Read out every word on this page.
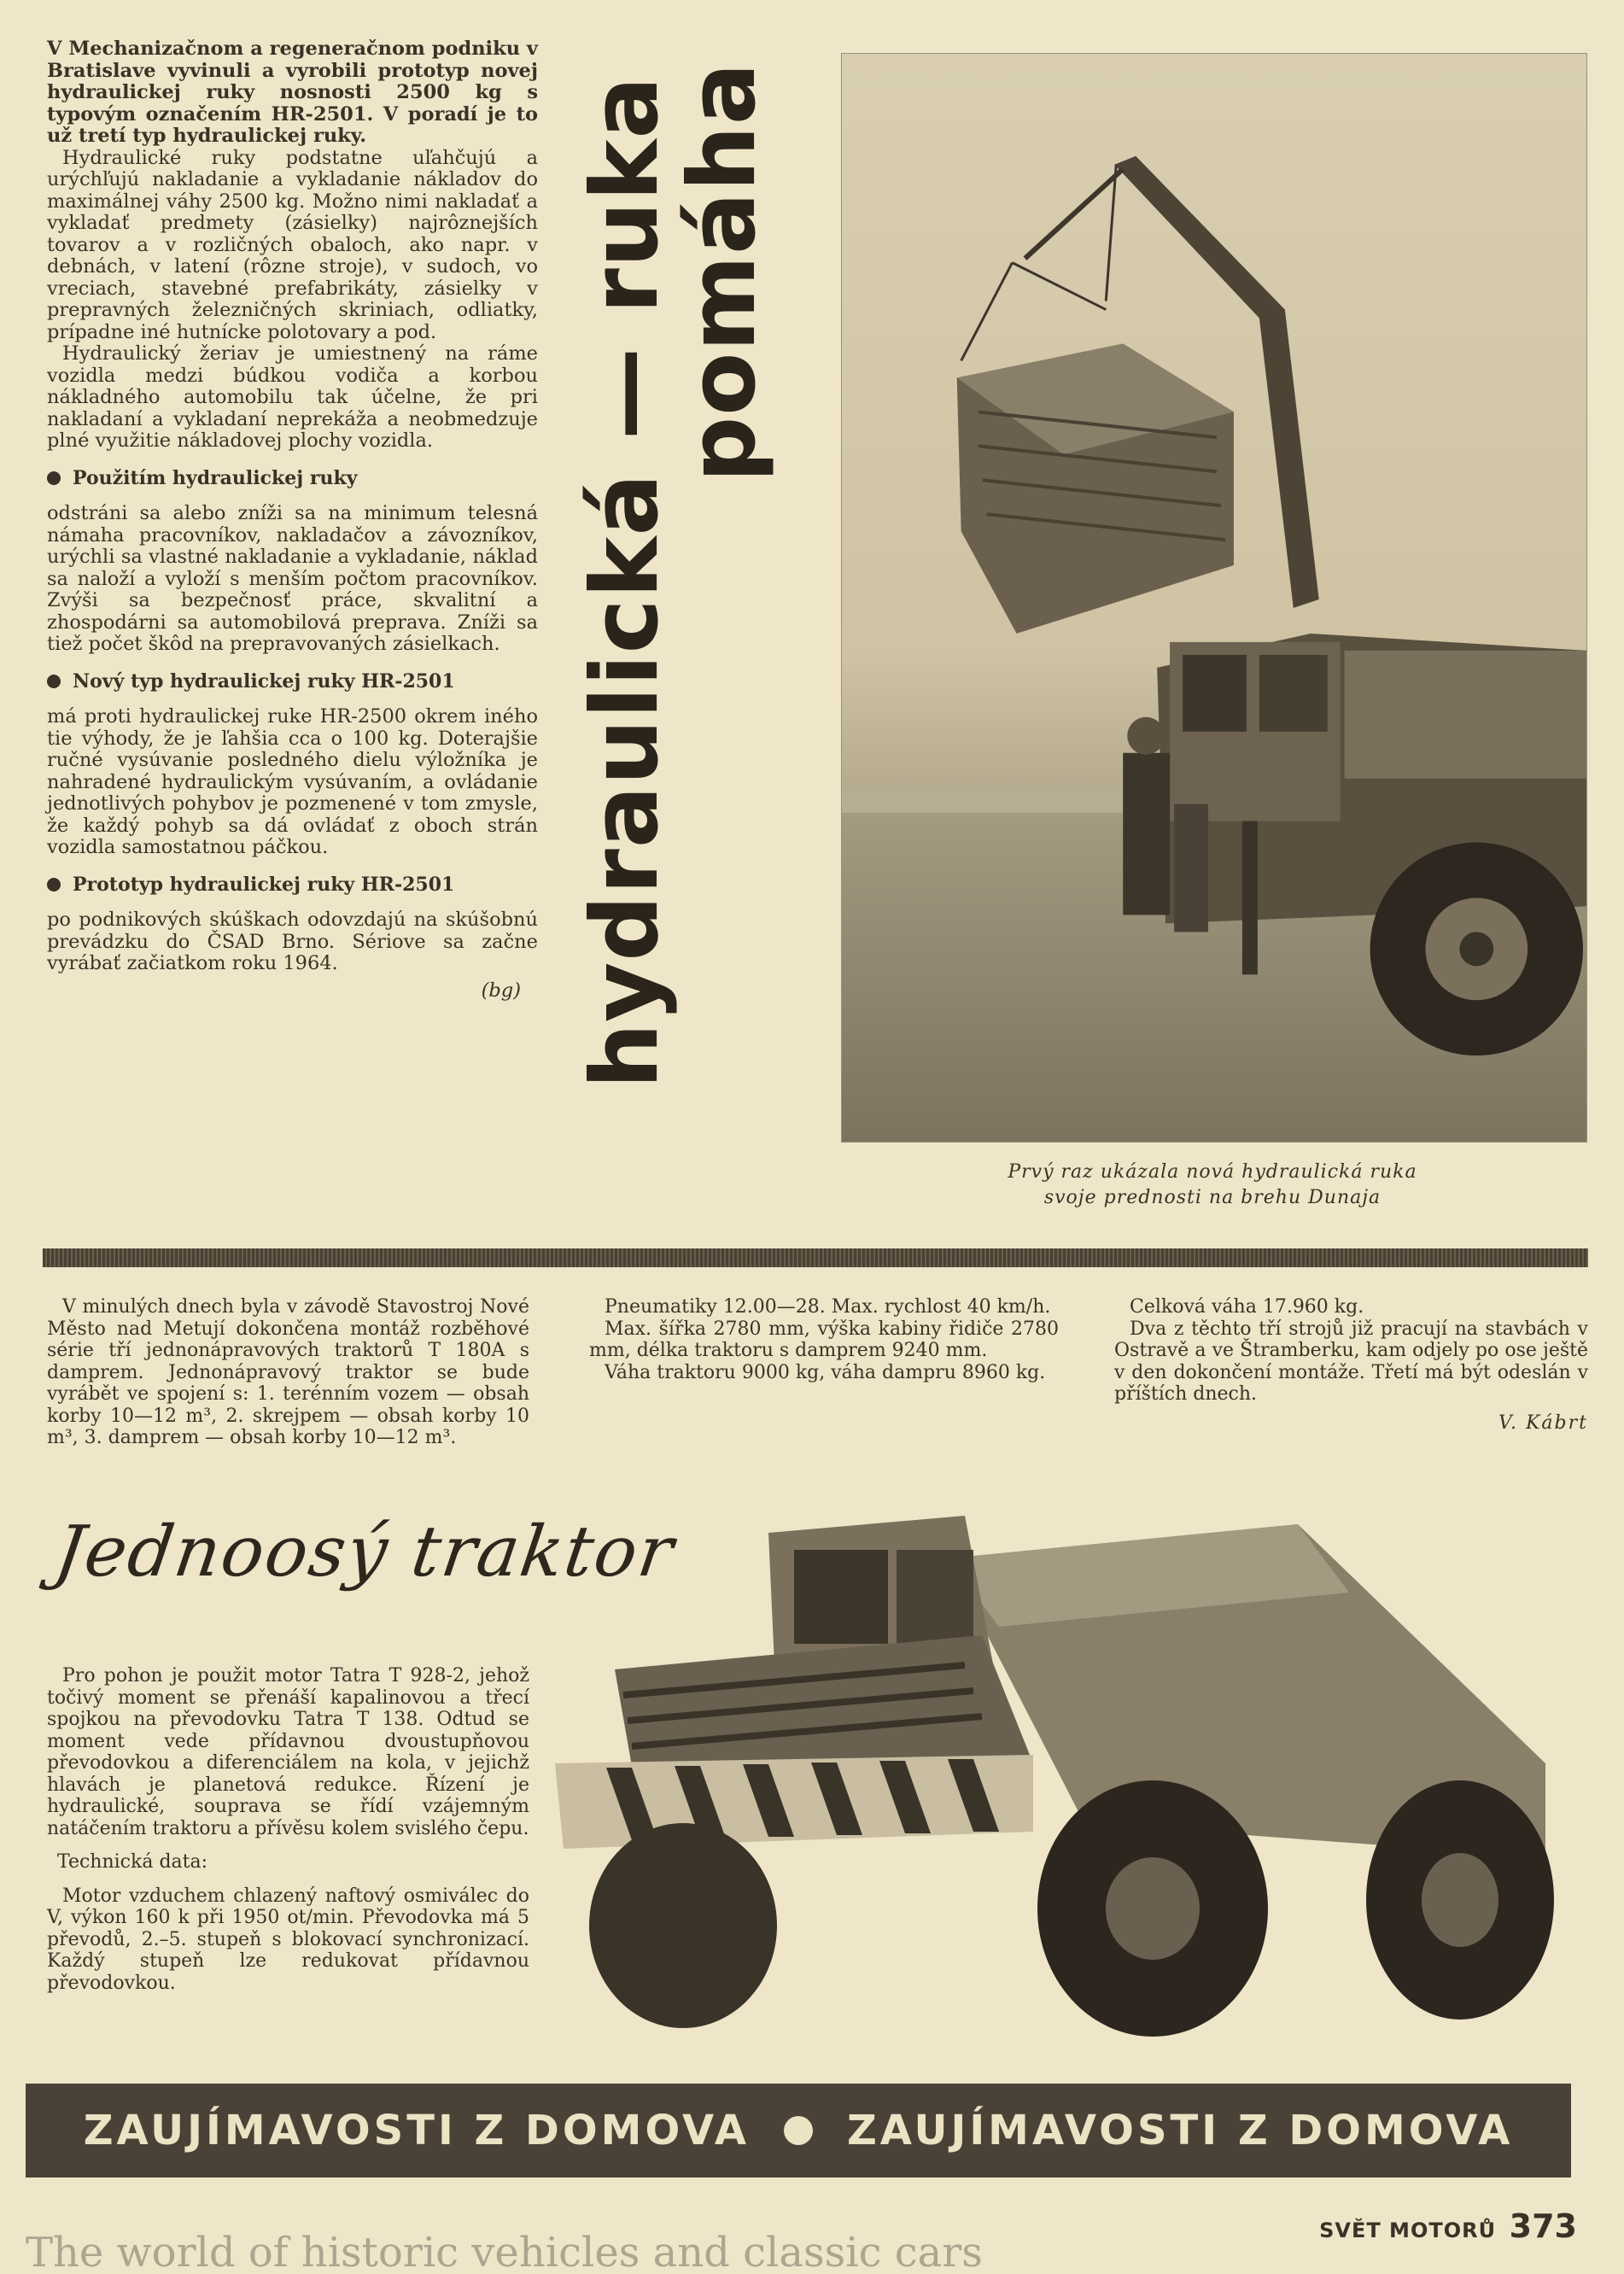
V Mechanizačnom a regeneračnom podniku v Bratislave vyvinuli a vyrobili prototyp novej hydraulickej ruky nosnosti 2500 kg s typovým označením HR-2501. V poradí je to už tretí typ hydraulickej ruky.

Hydraulické ruky podstatne uľahčujú a urýchľujú nakladanie a vykladanie nákladov do maximálnej váhy 2500 kg. Možno nimi nakladať a vykladať predmety (zásielky) najrôznejších tovarov a v rozličných obaloch, ako napr. v debnách, v latení (rôzne stroje), v sudoch, vo vreciach, stavebné prefabrikáty, zásielky v prepravných železničných skriniach, odliatky, prípadne iné hutnícke polotovary a pod.

Hydraulický žeriav je umiestnený na ráme vozidla medzi búdkou vodiča a korbou nákladného automobilu tak účelne, že pri nakladaní a vykladaní neprekáža a neobmedzuje plné využitie nákladovej plochy vozidla.

Použitím hydraulickej ruky

odstráni sa alebo zníži sa na minimum telesná námaha pracovníkov, nakladačov a závozníkov, urýchli sa vlastné nakladanie a vykladanie, náklad sa naloží a vyloží s menším počtom pracovníkov. Zvýši sa bezpečnosť práce, skvalitní a zhospodárni sa automobilová preprava. Zníži sa tiež počet škôd na prepravovaných zásielkach.

Nový typ hydraulickej ruky HR-2501

má proti hydraulickej ruke HR-2500 okrem iného tie výhody, že je ľahšia cca o 100 kg. Doterajšie ručné vysúvanie posledného dielu výložníka je nahradené hydraulickým vysúvaním, a ovládanie jednotlivých pohybov je pozmenené v tom zmysle, že každý pohyb sa dá ovládať z oboch strán vozidla samostatnou páčkou.

Prototyp hydraulickej ruky HR-2501

po podnikových skúškach odovzdajú na skúšobnú prevádzku do ČSAD Brno. Sériove sa začne vyrábať začiatkom roku 1964.

(bg) hydraulická — ruka
pomáha
Prvý raz ukázala nová hydraulická ruka
svoje prednosti na brehu Dunaja

V minulých dnech byla v závodě Stavostroj Nové Město nad Metují dokončena montáž rozběhové série tří jednonápravových traktorů T 180A s damprem. Jednonápravový traktor se bude vyrábět ve spojení s: 1. terénním vozem — obsah korby 10—12 m³, 2. skrejpem — obsah korby 10 m³, 3. damprem — obsah korby 10—12 m³.

Pneumatiky 12.00—28. Max. rychlost 40 km/h.

Max. šířka 2780 mm, výška kabiny řidiče 2780 mm, délka traktoru s damprem 9240 mm.

Váha traktoru 9000 kg, váha dampru 8960 kg.

Celková váha 17.960 kg.

Dva z těchto tří strojů již pracují na stavbách v Ostravě a ve Štramberku, kam odjely po ose ještě v den dokončení montáže. Třetí má být odeslán v příštích dnech.

V. Kábrt
Jednoosý traktor

Pro pohon je použit motor Tatra T 928-2, jehož točivý moment se přenáší kapalinovou a třecí spojkou na převodovku Tatra T 138. Odtud se moment vede přídavnou dvoustupňovou převodovkou a diferenciálem na kola, v jejichž hlavách je planetová redukce. Řízení je hydraulické, souprava se řídí vzájemným natáčením traktoru a přívěsu kolem svislého čepu.

Technická data:

Motor vzduchem chlazený naftový osmiválec do V, výkon 160 k při 1950 ot/min. Převodovka má 5 převodů, 2.–5. stupeň s blokovací synchronizací. Každý stupeň lze redukovat přídavnou převodovkou.

ZAUJÍMAVOSTI Z DOMOVA ZAUJÍMAVOSTI Z DOMOVA
The world of historic vehicles and classic cars	SVĚT MOTORŮ 373
